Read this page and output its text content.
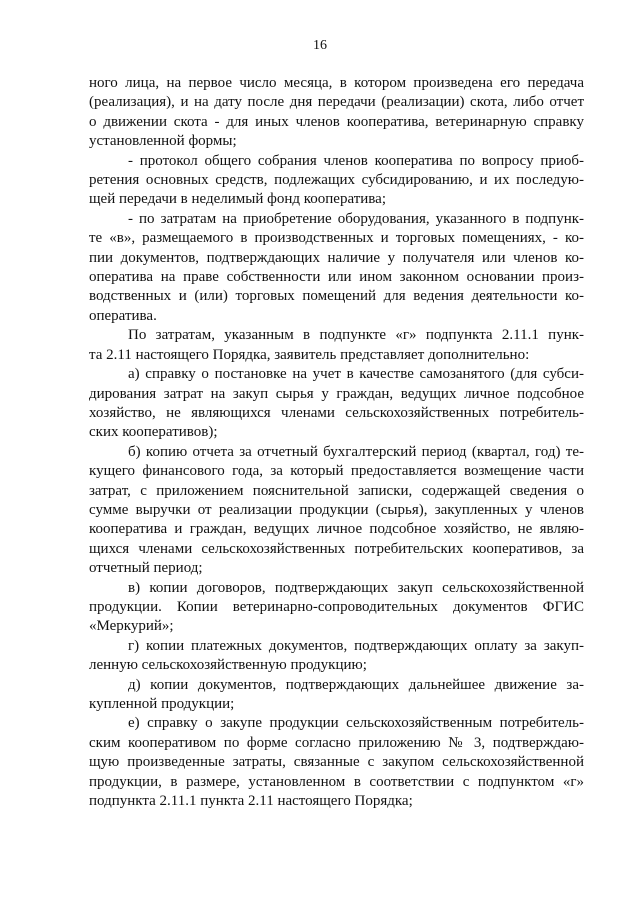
16

ного лица, на первое число месяца, в котором произведена его передача
(реализация), и на дату после дня передачи (реализации) скота, либо отчет
о движении скота - для иных членов кооператива, ветеринарную справку
установленной формы;

- протокол общего собрания членов кооператива по вопросу приоб-
ретения основных средств, подлежащих субсидированию, и их последую-
щей передачи в неделимый фонд кооператива;

- по затратам на приобретение оборудования, указанного в подпунк-
те «в», размещаемого в производственных и торговых помещениях, - ко-
пии документов, подтверждающих наличие у получателя или членов ко-
оператива на праве собственности или ином законном основании произ-
водственных и (или) торговых помещений для ведения деятельности ко-
оператива.

По затратам, указанным в подпункте «г» подпункта 2.11.1 пунк-
та 2.11 настоящего Порядка, заявитель представляет дополнительно:

а) справку о постановке на учет в качестве самозанятого (для субси-
дирования затрат на закуп сырья у граждан, ведущих личное подсобное
хозяйство, не являющихся членами сельскохозяйственных потребитель-
ских кооперативов);

б) копию отчета за отчетный бухгалтерский период (квартал, год) те-
кущего финансового года, за который предоставляется возмещение части
затрат, с приложением пояснительной записки, содержащей сведения о
сумме выручки от реализации продукции (сырья), закупленных у членов
кооператива и граждан, ведущих личное подсобное хозяйство, не являю-
щихся членами сельскохозяйственных потребительских кооперативов, за
отчетный период;

в) копии договоров, подтверждающих закуп сельскохозяйственной
продукции. Копии ветеринарно-сопроводительных документов ФГИС
«Меркурий»;

г) копии платежных документов, подтверждающих оплату за закуп-
ленную сельскохозяйственную продукцию;

д) копии документов, подтверждающих дальнейшее движение за-
купленной продукции;

е) справку о закупе продукции сельскохозяйственным потребитель-
ским кооперативом по форме согласно приложению № 3, подтверждаю-
щую произведенные затраты, связанные с закупом сельскохозяйственной
продукции, в размере, установленном в соответствии с подпунктом «г»
подпункта 2.11.1 пункта 2.11 настоящего Порядка;
